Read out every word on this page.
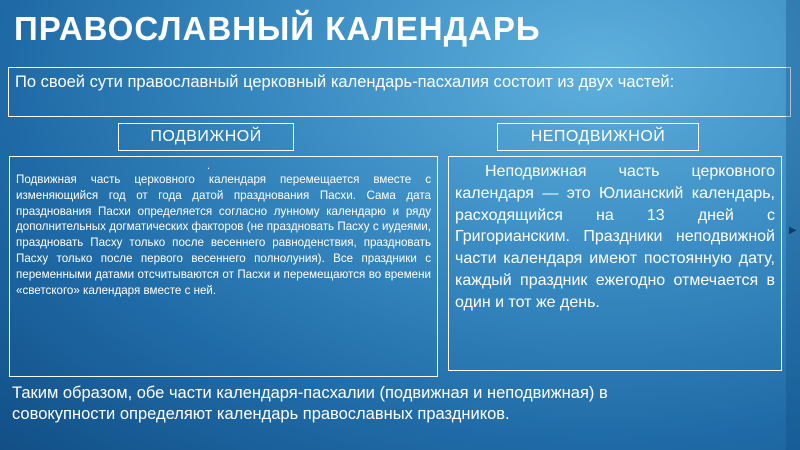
ПРАВОСЛАВНЫЙ КАЛЕНДАРЬ
По своей сути православный церковный календарь-пасхалия состоит из двух частей:
ПОДВИЖНОЙ	НЕПОДВИЖНОЙ
.

Подвижная часть церковного календаря перемещается вместе с изменяющийся год от года датой празднования Пасхи. Сама дата празднования Пасхи определяется согласно лунному календарю и ряду дополнительных догматических факторов (не праздновать Пасху с иудеями, праздновать Пасху только после весеннего равноденствия, праздновать Пасху только после первого весеннего полнолуния). Все праздники с переменными датами отсчитываются от Пасхи и перемещаются во времени «светского» календаря вместе с ней.

Неподвижная часть церковного календаря — это Юлианский календарь, расходящийся на 13 дней с Григорианским. Праздники неподвижной части календаря имеют постоянную дату, каждый праздник ежегодно отмечается в один и тот же день.

Таким образом, обе части календаря-пасхалии (подвижная и неподвижная) в совокупности определяют календарь православных праздников.
▶
